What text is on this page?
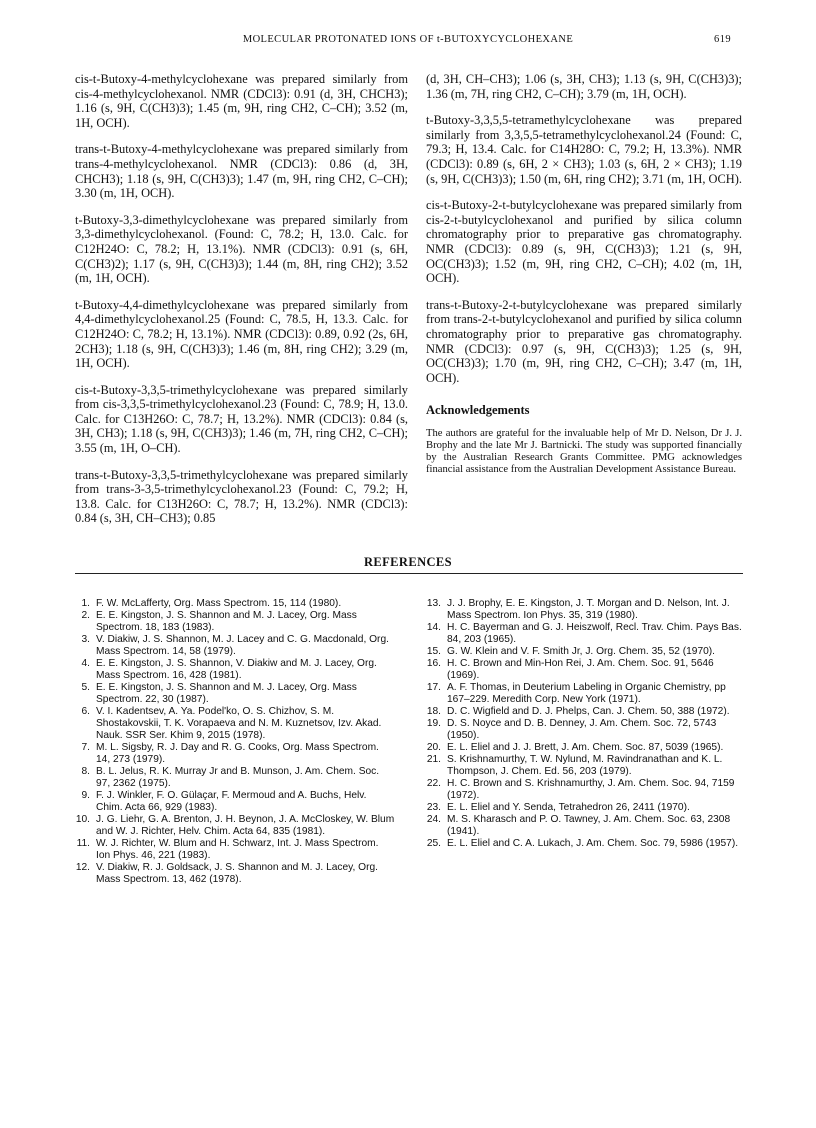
MOLECULAR PROTONATED IONS OF t-BUTOXYCYCLOHEXANE	619

cis-t-Butoxy-4-methylcyclohexane was prepared similarly from cis-4-methylcyclohexanol. NMR (CDCl3): 0.91 (d, 3H, CHCH3); 1.16 (s, 9H, C(CH3)3); 1.45 (m, 9H, ring CH2, C–CH); 3.52 (m, 1H, OCH).

trans-t-Butoxy-4-methylcyclohexane was prepared similarly from trans-4-methylcyclohexanol. NMR (CDCl3): 0.86 (d, 3H, CHCH3); 1.18 (s, 9H, C(CH3)3); 1.47 (m, 9H, ring CH2, C–CH); 3.30 (m, 1H, OCH).

t-Butoxy-3,3-dimethylcyclohexane was prepared similarly from 3,3-dimethylcyclohexanol. (Found: C, 78.2; H, 13.0. Calc. for C12H24O: C, 78.2; H, 13.1%). NMR (CDCl3): 0.91 (s, 6H, C(CH3)2); 1.17 (s, 9H, C(CH3)3); 1.44 (m, 8H, ring CH2); 3.52 (m, 1H, OCH).

t-Butoxy-4,4-dimethylcyclohexane was prepared similarly from 4,4-dimethylcyclohexanol.25 (Found: C, 78.5, H, 13.3. Calc. for C12H24O: C, 78.2; H, 13.1%). NMR (CDCl3): 0.89, 0.92 (2s, 6H, 2CH3); 1.18 (s, 9H, C(CH3)3); 1.46 (m, 8H, ring CH2); 3.29 (m, 1H, OCH).

cis-t-Butoxy-3,3,5-trimethylcyclohexane was prepared similarly from cis-3,3,5-trimethylcyclohexanol.23 (Found: C, 78.9; H, 13.0. Calc. for C13H26O: C, 78.7; H, 13.2%). NMR (CDCl3): 0.84 (s, 3H, CH3); 1.18 (s, 9H, C(CH3)3); 1.46 (m, 7H, ring CH2, C–CH); 3.55 (m, 1H, O–CH).

trans-t-Butoxy-3,3,5-trimethylcyclohexane was prepared similarly from trans-3-3,5-trimethylcyclohexanol.23 (Found: C, 79.2; H, 13.8. Calc. for C13H26O: C, 78.7; H, 13.2%). NMR (CDCl3): 0.84 (s, 3H, CH–CH3); 0.85

(d, 3H, CH–CH3); 1.06 (s, 3H, CH3); 1.13 (s, 9H, C(CH3)3); 1.36 (m, 7H, ring CH2, C–CH); 3.79 (m, 1H, OCH).

t-Butoxy-3,3,5,5-tetramethylcyclohexane was prepared similarly from 3,3,5,5-tetramethylcyclohexanol.24 (Found: C, 79.3; H, 13.4. Calc. for C14H28O: C, 79.2; H, 13.3%). NMR (CDCl3): 0.89 (s, 6H, 2 × CH3); 1.03 (s, 6H, 2 × CH3); 1.19 (s, 9H, C(CH3)3); 1.50 (m, 6H, ring CH2); 3.71 (m, 1H, OCH).

cis-t-Butoxy-2-t-butylcyclohexane was prepared similarly from cis-2-t-butylcyclohexanol and purified by silica column chromatography prior to preparative gas chromatography. NMR (CDCl3): 0.89 (s, 9H, C(CH3)3); 1.21 (s, 9H, OC(CH3)3); 1.52 (m, 9H, ring CH2, C–CH); 4.02 (m, 1H, OCH).

trans-t-Butoxy-2-t-butylcyclohexane was prepared similarly from trans-2-t-butylcyclohexanol and purified by silica column chromatography prior to preparative gas chromatography. NMR (CDCl3): 0.97 (s, 9H, C(CH3)3); 1.25 (s, 9H, OC(CH3)3); 1.70 (m, 9H, ring CH2, C–CH); 3.47 (m, 1H, OCH).

Acknowledgements
The authors are grateful for the invaluable help of Mr D. Nelson, Dr J. J. Brophy and the late Mr J. Bartnicki. The study was supported financially by the Australian Research Grants Committee. PMG acknowledges financial assistance from the Australian Development Assistance Bureau.
REFERENCES
1. F. W. McLafferty, Org. Mass Spectrom. 15, 114 (1980).
2. E. E. Kingston, J. S. Shannon and M. J. Lacey, Org. Mass Spectrom. 18, 183 (1983).
3. V. Diakiw, J. S. Shannon, M. J. Lacey and C. G. Macdonald, Org. Mass Spectrom. 14, 58 (1979).
4. E. E. Kingston, J. S. Shannon, V. Diakiw and M. J. Lacey, Org. Mass Spectrom. 16, 428 (1981).
5. E. E. Kingston, J. S. Shannon and M. J. Lacey, Org. Mass Spectrom. 22, 30 (1987).
6. V. I. Kadentsev, A. Ya. Podel'ko, O. S. Chizhov, S. M. Shostakovskii, T. K. Vorapaeva and N. M. Kuznetsov, Izv. Akad. Nauk. SSR Ser. Khim 9, 2015 (1978).
7. M. L. Sigsby, R. J. Day and R. G. Cooks, Org. Mass Spectrom. 14, 273 (1979).
8. B. L. Jelus, R. K. Murray Jr and B. Munson, J. Am. Chem. Soc. 97, 2362 (1975).
9. F. J. Winkler, F. O. Gülaçar, F. Mermoud and A. Buchs, Helv. Chim. Acta 66, 929 (1983).
10. J. G. Liehr, G. A. Brenton, J. H. Beynon, J. A. McCloskey, W. Blum and W. J. Richter, Helv. Chim. Acta 64, 835 (1981).
11. W. J. Richter, W. Blum and H. Schwarz, Int. J. Mass Spectrom. Ion Phys. 46, 221 (1983).
12. V. Diakiw, R. J. Goldsack, J. S. Shannon and M. J. Lacey, Org. Mass Spectrom. 13, 462 (1978).
13. J. J. Brophy, E. E. Kingston, J. T. Morgan and D. Nelson, Int. J. Mass Spectrom. Ion Phys. 35, 319 (1980).
14. H. C. Bayerman and G. J. Heiszwolf, Recl. Trav. Chim. Pays Bas. 84, 203 (1965).
15. G. W. Klein and V. F. Smith Jr, J. Org. Chem. 35, 52 (1970).
16. H. C. Brown and Min-Hon Rei, J. Am. Chem. Soc. 91, 5646 (1969).
17. A. F. Thomas, in Deuterium Labeling in Organic Chemistry, pp 167–229. Meredith Corp. New York (1971).
18. D. C. Wigfield and D. J. Phelps, Can. J. Chem. 50, 388 (1972).
19. D. S. Noyce and D. B. Denney, J. Am. Chem. Soc. 72, 5743 (1950).
20. E. L. Eliel and J. J. Brett, J. Am. Chem. Soc. 87, 5039 (1965).
21. S. Krishnamurthy, T. W. Nylund, M. Ravindranathan and K. L. Thompson, J. Chem. Ed. 56, 203 (1979).
22. H. C. Brown and S. Krishnamurthy, J. Am. Chem. Soc. 94, 7159 (1972).
23. E. L. Eliel and Y. Senda, Tetrahedron 26, 2411 (1970).
24. M. S. Kharasch and P. O. Tawney, J. Am. Chem. Soc. 63, 2308 (1941).
25. E. L. Eliel and C. A. Lukach, J. Am. Chem. Soc. 79, 5986 (1957).
